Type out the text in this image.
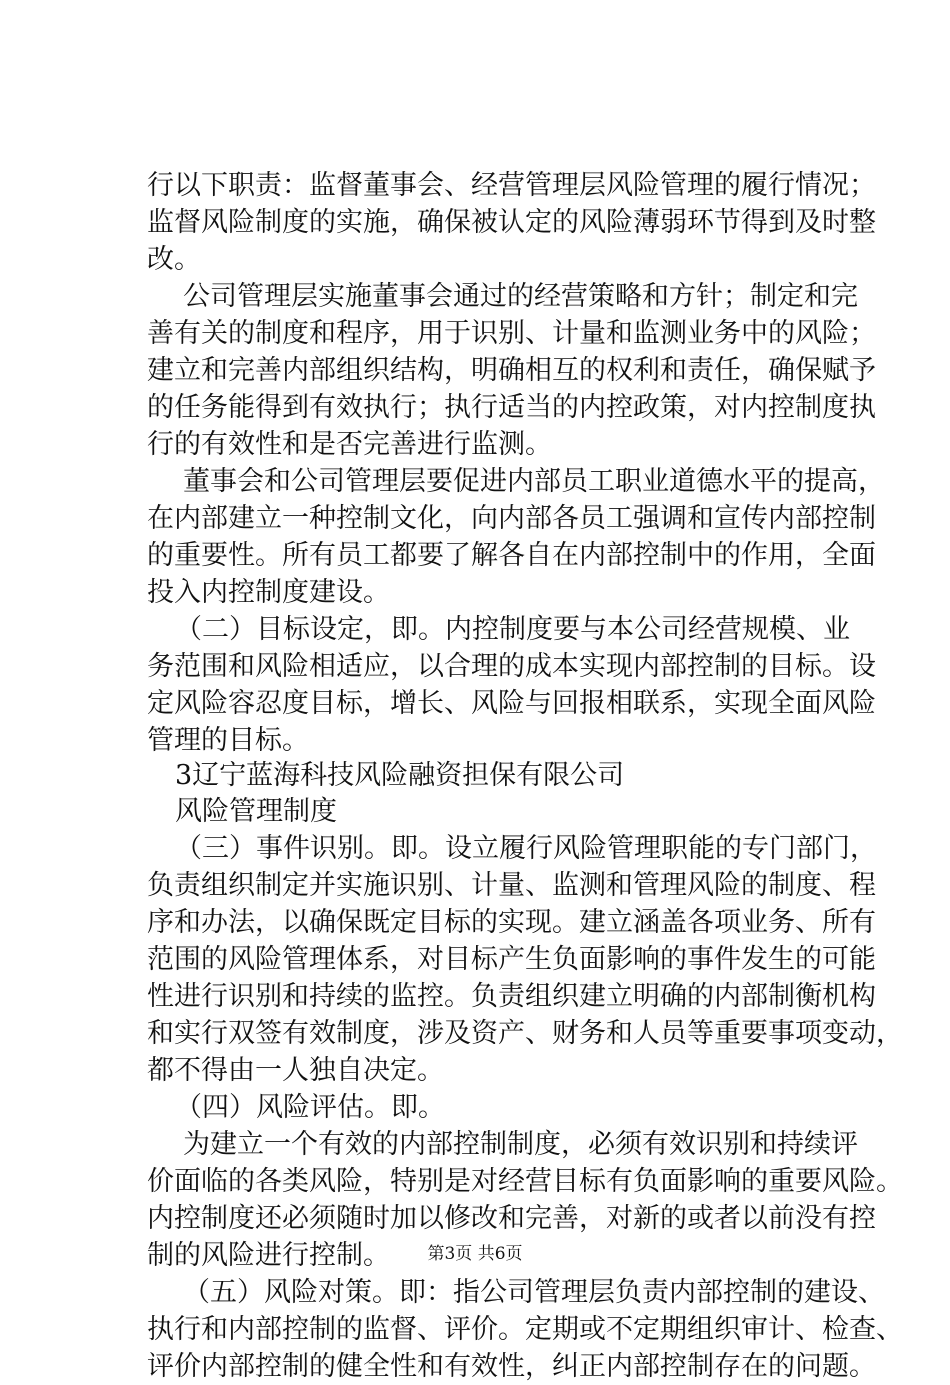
行以下职责：监督董事会、经营管理层风险管理的履行情况；
监督风险制度的实施，确保被认定的风险薄弱环节得到及时整
改。
公司管理层实施董事会通过的经营策略和方针；制定和完
善有关的制度和程序，用于识别、计量和监测业务中的风险；
建立和完善内部组织结构，明确相互的权利和责任，确保赋予
的任务能得到有效执行；执行适当的内控政策，对内控制度执
行的有效性和是否完善进行监测。
董事会和公司管理层要促进内部员工职业道德水平的提高，
在内部建立一种控制文化，向内部各员工强调和宣传内部控制
的重要性。所有员工都要了解各自在内部控制中的作用，全面
投入内控制度建设。
（二）目标设定，即。内控制度要与本公司经营规模、业
务范围和风险相适应，以合理的成本实现内部控制的目标。设
定风险容忍度目标，增长、风险与回报相联系，实现全面风险
管理的目标。
3辽宁蓝海科技风险融资担保有限公司
风险管理制度
（三）事件识别。即。设立履行风险管理职能的专门部门，
负责组织制定并实施识别、计量、监测和管理风险的制度、程
序和办法，以确保既定目标的实现。建立涵盖各项业务、所有
范围的风险管理体系，对目标产生负面影响的事件发生的可能
性进行识别和持续的监控。负责组织建立明确的内部制衡机构
和实行双签有效制度，涉及资产、财务和人员等重要事项变动，
都不得由一人独自决定。
（四）风险评估。即。
为建立一个有效的内部控制制度，必须有效识别和持续评
价面临的各类风险，特别是对经营目标有负面影响的重要风险。
内控制度还必须随时加以修改和完善，对新的或者以前没有控
制的风险进行控制。
（五）风险对策。即：指公司管理层负责内部控制的建设、
执行和内部控制的监督、评价。定期或不定期组织审计、检查、
评价内部控制的健全性和有效性，纠正内部控制存在的问题。
第3页 共6页
